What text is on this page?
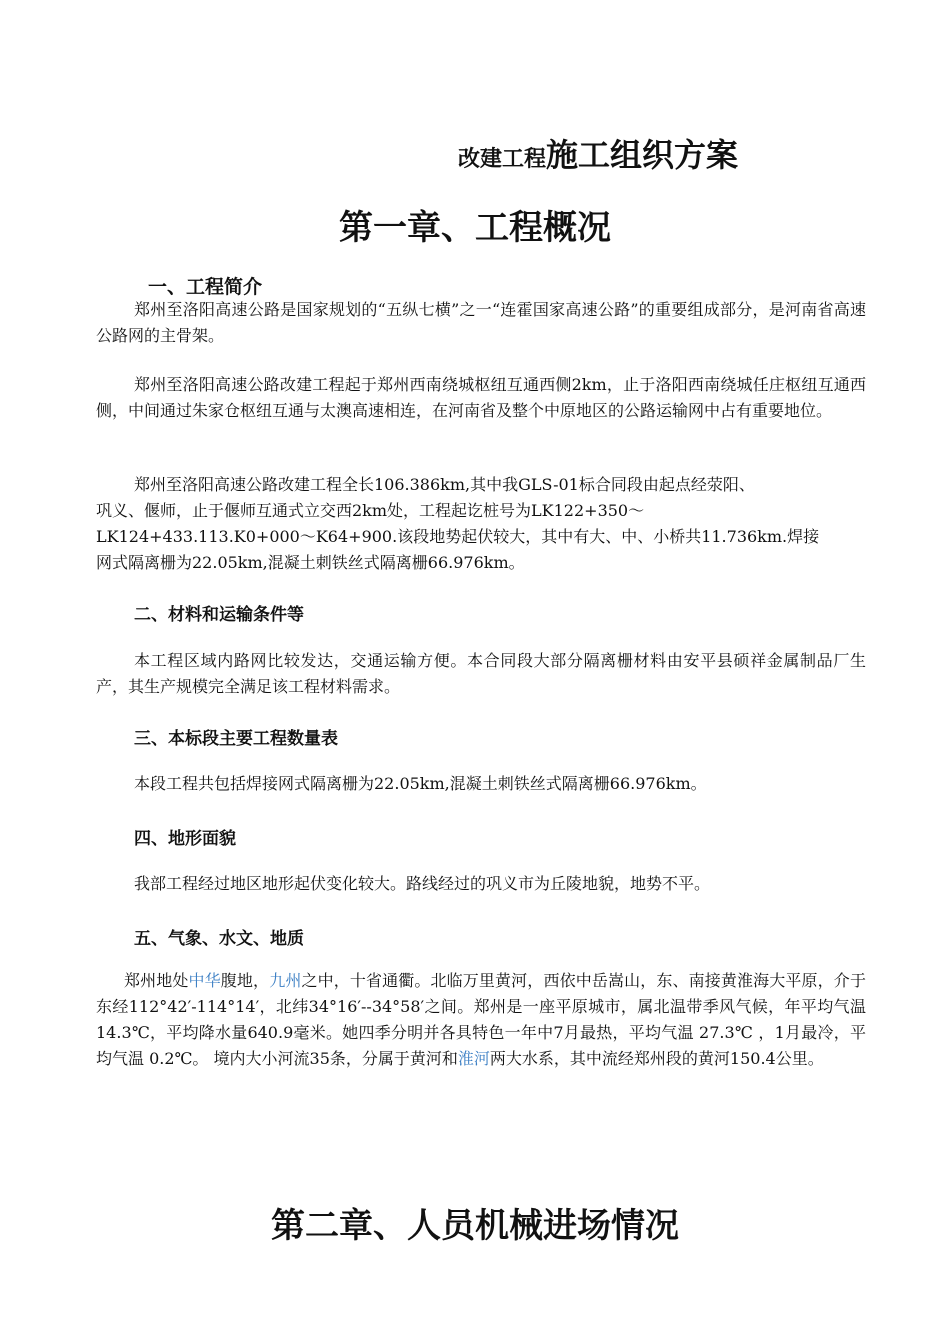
改建工程施工组织方案
第一章、工程概况
一、工程简介

郑州至洛阳高速公路是国家规划的“五纵七横”之一“连霍国家高速公路”的重要组成部分，是河南省高速公路网的主骨架。

郑州至洛阳高速公路改建工程起于郑州西南绕城枢纽互通西侧2km，止于洛阳西南绕城任庄枢纽互通西侧，中间通过朱家仓枢纽互通与太澳高速相连，在河南省及整个中原地区的公路运输网中占有重要地位。

郑州至洛阳高速公路改建工程全长106.386km,其中我GLS-01标合同段由起点经荥阳、
巩义、偃师，止于偃师互通式立交西2km处，工程起讫桩号为LK122+350～
LK124+433.113.K0+000～K64+900.该段地势起伏较大，其中有大、中、小桥共11.736km.焊接
网式隔离栅为22.05km,混凝土刺铁丝式隔离栅66.976km。
二、材料和运输条件等

本工程区域内路网比较发达，交通运输方便。本合同段大部分隔离栅材料由安平县硕祥金属制品厂生产，其生产规模完全满足该工程材料需求。

三、本标段主要工程数量表

本段工程共包括焊接网式隔离栅为22.05km,混凝土刺铁丝式隔离栅66.976km。

四、地形面貌

我部工程经过地区地形起伏变化较大。路线经过的巩义市为丘陵地貌，地势不平。

五、气象、水文、地质

郑州地处中华腹地，九州之中，十省通衢。北临万里黄河，西依中岳嵩山，东、南接黄淮海大平原，介于东经112°42′-114°14′，北纬34°16′--34°58′之间。郑州是一座平原城市，属北温带季风气候，年平均气温 14.3℃，平均降水量640.9毫米。她四季分明并各具特色一年中7月最热，平均气温 27.3℃ ，1月最冷，平均气温 0.2℃。 境内大小河流35条，分属于黄河和淮河两大水系，其中流经郑州段的黄河150.4公里。

第二章、人员机械进场情况
